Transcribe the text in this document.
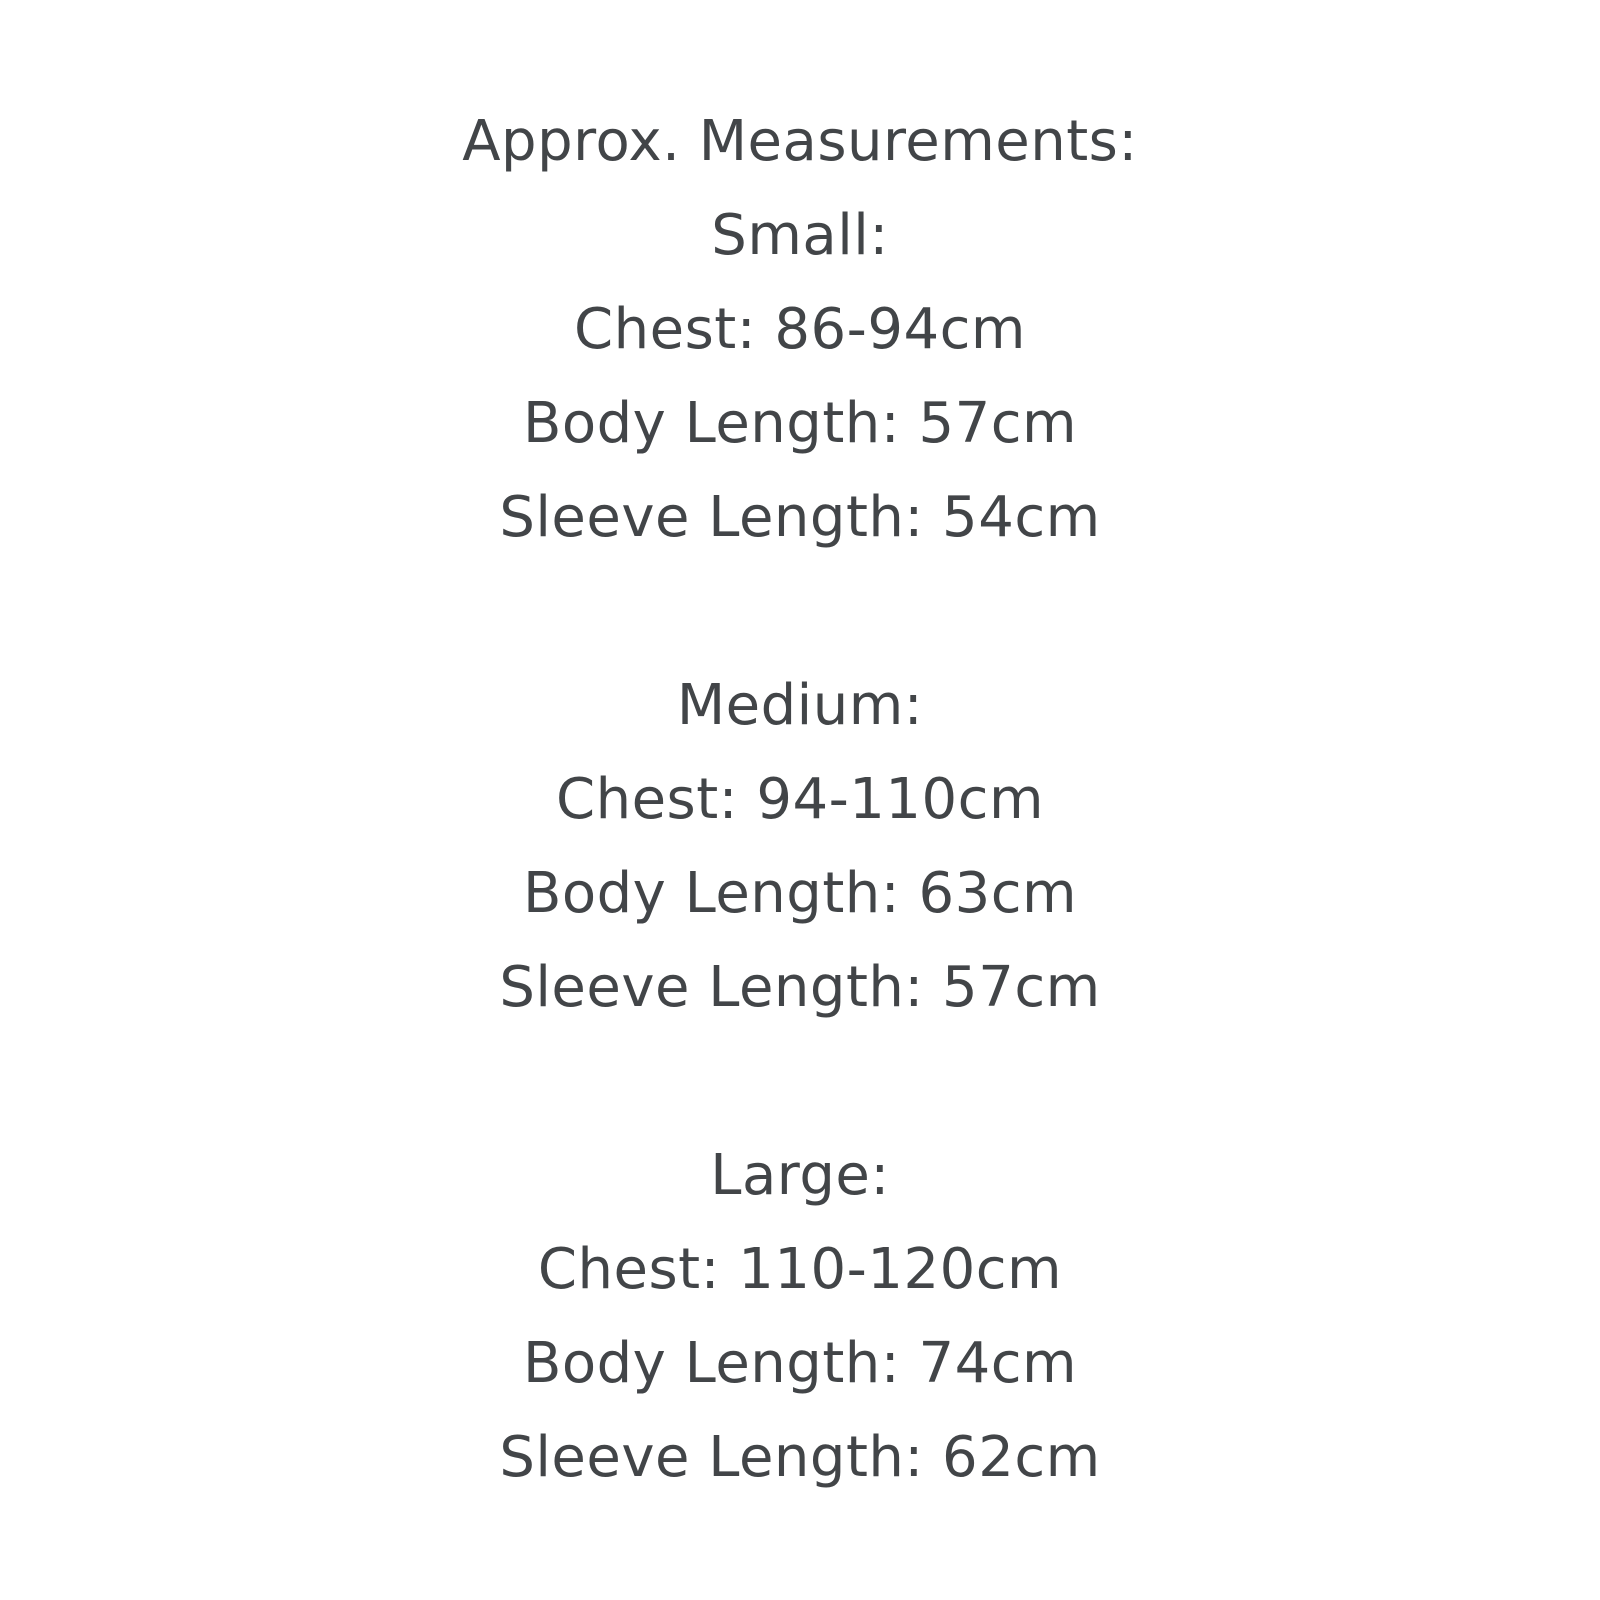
Approx. Measurements:
Small:
Chest: 86-94cm
Body Length: 57cm
Sleeve Length: 54cm
Medium:
Chest: 94-110cm
Body Length: 63cm
Sleeve Length: 57cm
Large:
Chest: 110-120cm
Body Length: 74cm
Sleeve Length: 62cm
